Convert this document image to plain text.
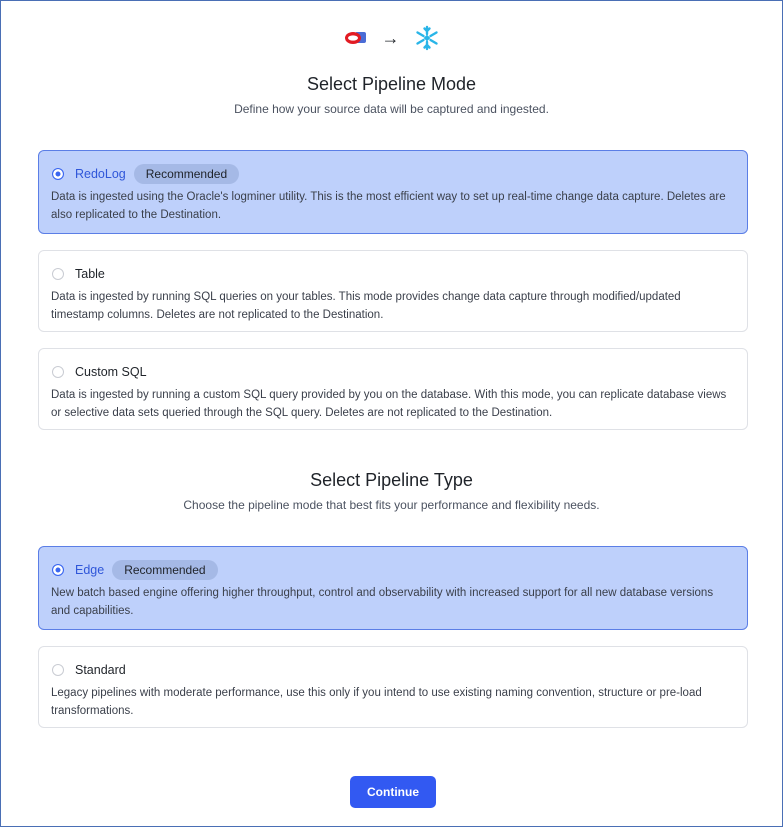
→
Select Pipeline Mode
Define how your source data will be captured and ingested.
RedoLog	Recommended
Data is ingested using the Oracle's logminer utility. This is the most efficient way to set up real-time change data capture. Deletes are also replicated to the Destination.
Table
Data is ingested by running SQL queries on your tables. This mode provides change data capture through modified/updated timestamp columns. Deletes are not replicated to the Destination.
Custom SQL
Data is ingested by running a custom SQL query provided by you on the database. With this mode, you can replicate database views or selective data sets queried through the SQL query. Deletes are not replicated to the Destination.
Select Pipeline Type
Choose the pipeline mode that best fits your performance and flexibility needs.
Edge	Recommended
New batch based engine offering higher throughput, control and observability with increased support for all new database versions and capabilities.
Standard
Legacy pipelines with moderate performance, use this only if you intend to use existing naming convention, structure or pre-load transformations.
Continue
